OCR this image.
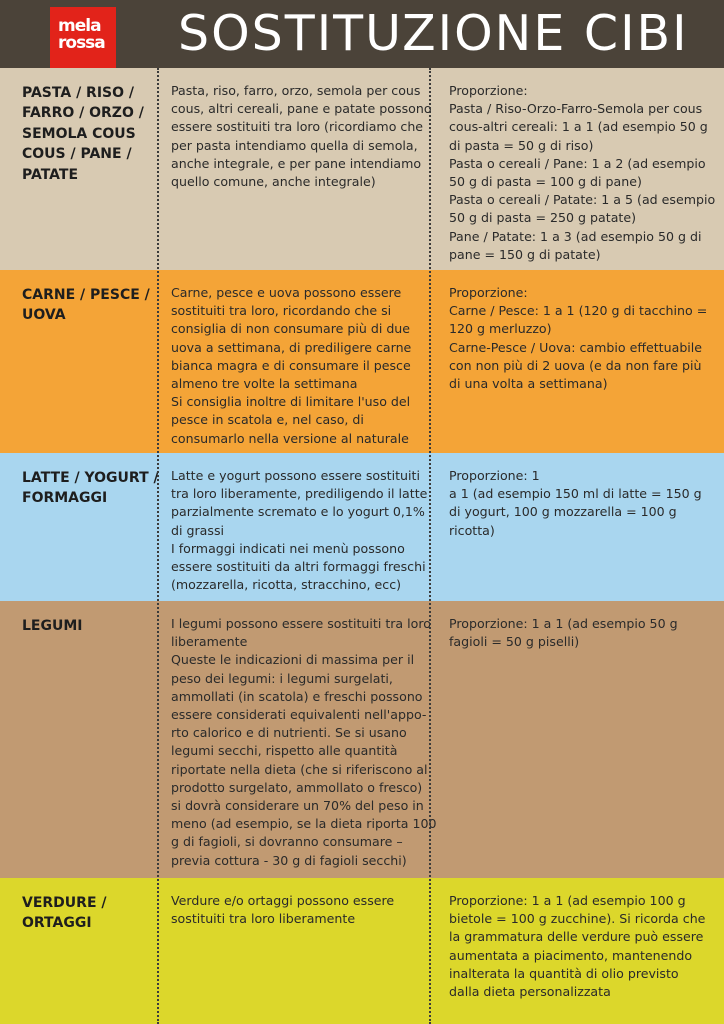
mela
rossa SOSTITUZIONE CIBI
PASTA / RISO /
FARRO / ORZO /
SEMOLA COUS
COUS / PANE /
PATATE
Pasta, riso, farro, orzo, semola per cous
cous, altri cereali, pane e patate possono
essere sostituiti tra loro (ricordiamo che
per pasta intendiamo quella di semola,
anche integrale, e per pane intendiamo
quello comune, anche integrale)
Proporzione:
Pasta / Riso-Orzo-Farro-Semola per cous
cous-altri cereali: 1 a 1 (ad esempio 50 g
di pasta = 50 g di riso)
Pasta o cereali / Pane: 1 a 2 (ad esempio
50 g di pasta = 100 g di pane)
Pasta o cereali / Patate: 1 a 5 (ad esempio
50 g di pasta = 250 g patate)
Pane / Patate: 1 a 3 (ad esempio 50 g di
pane = 150 g di patate)
CARNE / PESCE /
UOVA
Carne, pesce e uova possono essere
sostituiti tra loro, ricordando che si
consiglia di non consumare più di due
uova a settimana, di prediligere carne
bianca magra e di consumare il pesce
almeno tre volte la settimana
Si consiglia inoltre di limitare l'uso del
pesce in scatola e, nel caso, di
consumarlo nella versione al naturale
Proporzione:
Carne / Pesce: 1 a 1 (120 g di tacchino =
120 g merluzzo)
Carne-Pesce / Uova: cambio effettuabile
con non più di 2 uova (e da non fare più
di una volta a settimana)
LATTE / YOGURT /
FORMAGGI
Latte e yogurt possono essere sostituiti
tra loro liberamente, prediligendo il latte
parzialmente scremato e lo yogurt 0,1%
di grassi
I formaggi indicati nei menù possono
essere sostituiti da altri formaggi freschi
(mozzarella, ricotta, stracchino, ecc)
Proporzione: 1
a 1 (ad esempio 150 ml di latte = 150 g
di yogurt, 100 g mozzarella = 100 g
ricotta)
LEGUMI	I legumi possono essere sostituiti tra loro
liberamente
Queste le indicazioni di massima per il
peso dei legumi: i legumi surgelati,
ammollati (in scatola) e freschi possono
essere considerati equivalenti nell'appo-
rto calorico e di nutrienti. Se si usano
legumi secchi, rispetto alle quantità
riportate nella dieta (che si riferiscono al
prodotto surgelato, ammollato o fresco)
si dovrà considerare un 70% del peso in
meno (ad esempio, se la dieta riporta 100
g di fagioli, si dovranno consumare –
previa cottura - 30 g di fagioli secchi)
Proporzione: 1 a 1 (ad esempio 50 g
fagioli = 50 g piselli)
VERDURE /
ORTAGGI
Verdure e/o ortaggi possono essere
sostituiti tra loro liberamente
Proporzione: 1 a 1 (ad esempio 100 g
bietole = 100 g zucchine). Si ricorda che
la grammatura delle verdure può essere
aumentata a piacimento, mantenendo
inalterata la quantità di olio previsto
dalla dieta personalizzata
